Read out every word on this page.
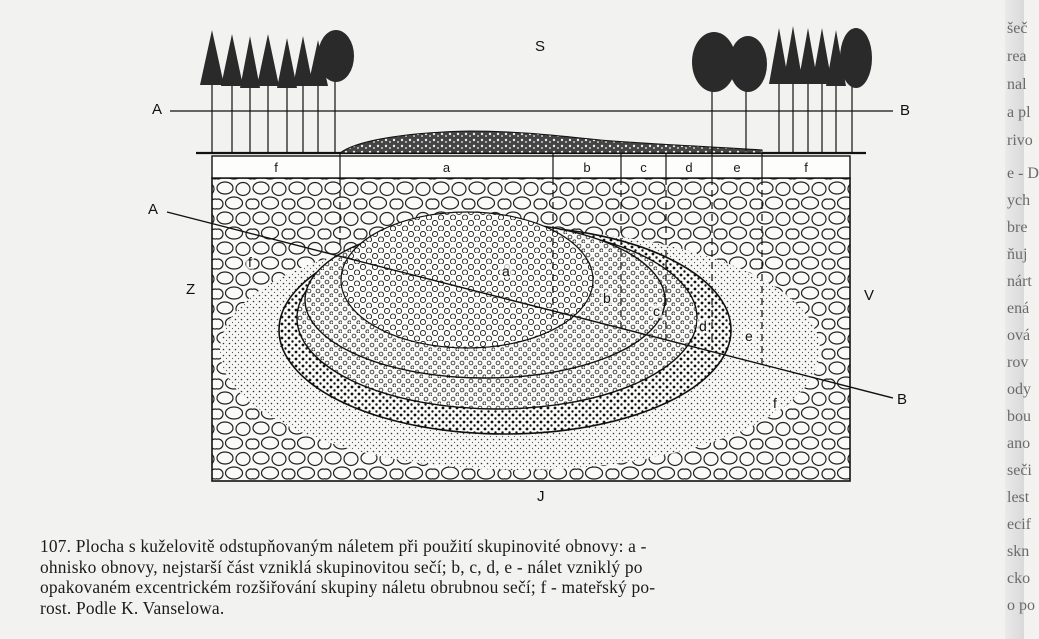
S
J
Z	V
A	B
A
B
f	a	b	c	d	e	f
a
b
c
d
e
f
f
107. Plocha s kuželovitě odstupňovaným náletem při použití skupinovité obnovy: a -
ohnisko obnovy, nejstarší část vzniklá skupinovitou sečí; b, c, d, e - nálet vzniklý po
opakovaném excentrickém rozšiřování skupiny náletu obrubnou sečí; f - mateřský po-
rost. Podle K. Vanselowa.
šeč
rea
nal
a pl
rivo
e - D
ych
bre
ňuj
nárt
ená
ová
rov
ody
bou
ano
seči
lest
ecif
skn
cko
o po
